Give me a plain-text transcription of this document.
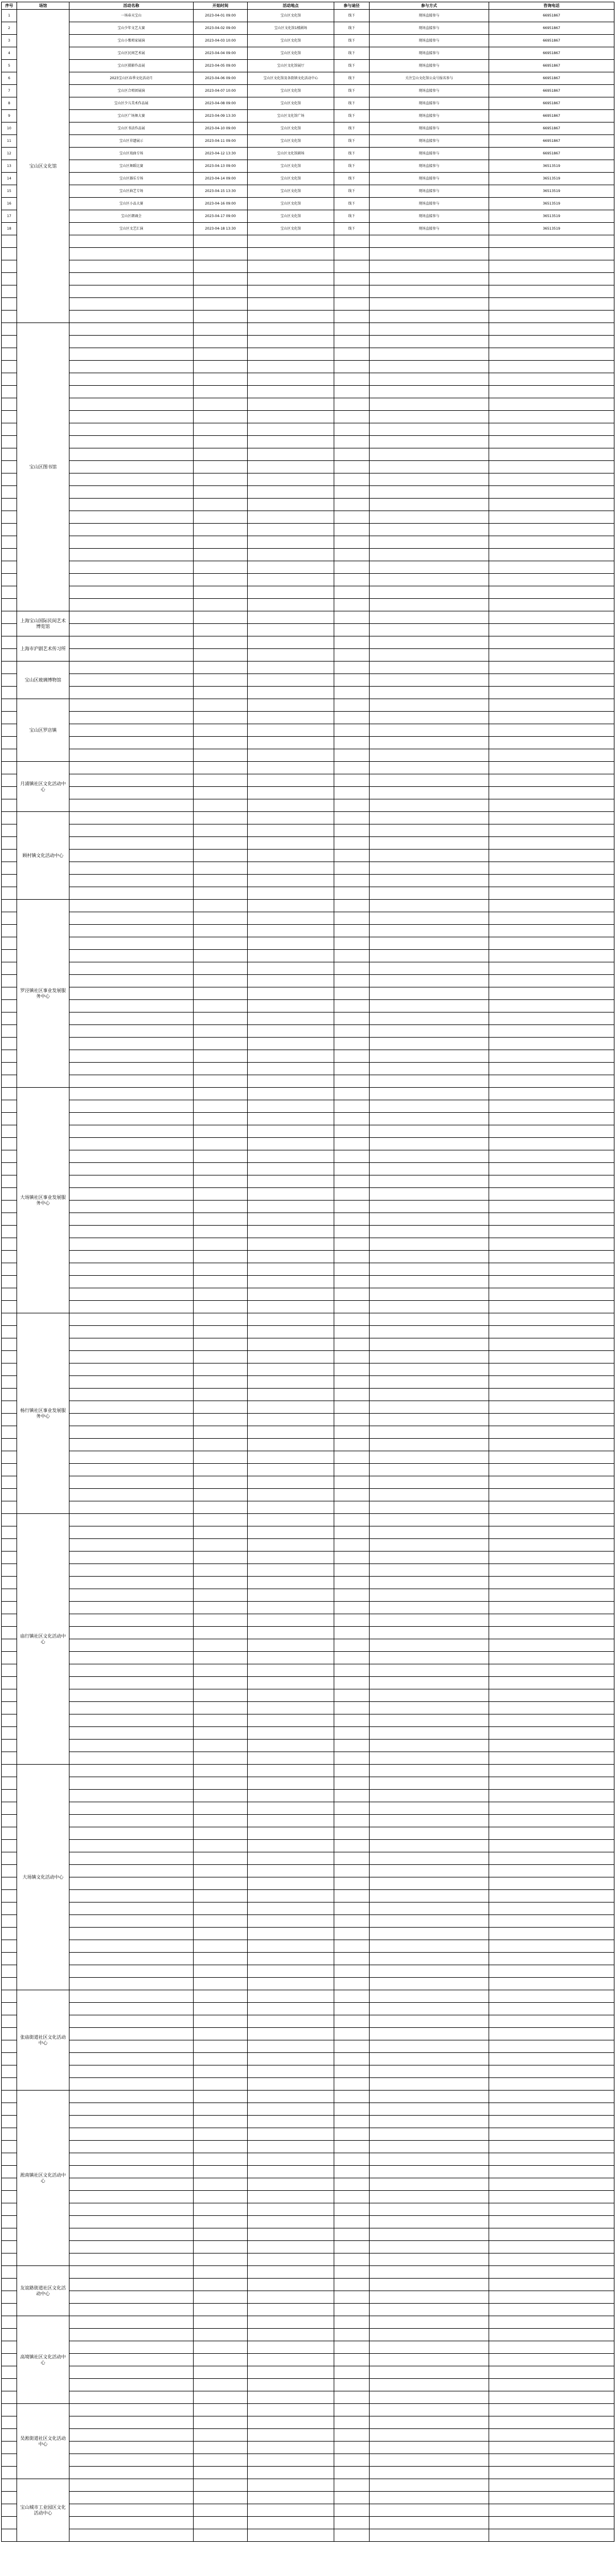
序号	场馆	活动名称	开始时间	活动地点	参与途径	参与方式	咨询电话
1	宝山区文化馆	一场春天宝山	2023-04-01 09:00	宝山区文化馆	线下	现场直接参与	66951867
2		宝山少年文艺大赛	2023-04-02 09:00	宝山区文化馆1楼剧场	线下	现场直接参与	66951867
3		宝山小歌唱家展演	2023-04-03 10:00	宝山区文化馆	线下	现场直接参与	66951867
4		宝山区民间艺术展	2023-04-04 09:00	宝山区文化馆	线下	现场直接参与	66951867
5		宝山区摄影作品展	2023-04-05 09:00	宝山区文化馆展厅	线下	现场直接参与	66951867
6		2023宝山区春季文化活动月	2023-04-06 09:00	宝山区文化馆及各街镇文化活动中心	线下	关注宝山文化馆公众号报名参与	66951867
7		宝山区合唱团展演	2023-04-07 10:00	宝山区文化馆	线下	现场直接参与	66951867
8		宝山区少儿美术作品展	2023-04-08 09:00	宝山区文化馆	线下	现场直接参与	66951867
9		宝山区广场舞大赛	2023-04-09 13:30	宝山区文化馆广场	线下	现场直接参与	66951867
10		宝山区书法作品展	2023-04-10 09:00	宝山区文化馆	线下	现场直接参与	66951867
11		宝山区非遗展示	2023-04-11 09:00	宝山区文化馆	线下	现场直接参与	66951867
12		宝山区戏曲专场	2023-04-12 13:30	宝山区文化馆剧场	线下	现场直接参与	66951867
13		宝山区舞蹈比赛	2023-04-13 09:00	宝山区文化馆	线下	现场直接参与	36513519
14		宝山区器乐专场	2023-04-14 09:00	宝山区文化馆	线下	现场直接参与	36513519
15		宝山区曲艺专场	2023-04-15 13:30	宝山区文化馆	线下	现场直接参与	36513519
16		宝山区小品大赛	2023-04-16 09:00	宝山区文化馆	线下	现场直接参与	36513519
17		宝山区朗诵会	2023-04-17 09:00	宝山区文化馆	线下	现场直接参与	36513519
18		宝山区文艺汇演	2023-04-18 13:30	宝山区文化馆	线下	现场直接参与	36513519

	宝山区图书馆						

	上海宝山国际民间艺术博览馆						

	上海市沪剧艺术传习所						

	宝山区玻璃博物馆						

	宝山区罗店镇						

	月浦镇社区文化活动中心						

	顾村镇文化活动中心						

	罗泾镇社区事业发展服务中心						

	大场镇社区事业发展服务中心						

	杨行镇社区事业发展服务中心						

	庙行镇社区文化活动中心						

	大场镇文化活动中心						

	张庙街道社区文化活动中心						

	淞南镇社区文化活动中心						

	友谊路街道社区文化活动中心						

	高境镇社区文化活动中心						

	吴淞街道社区文化活动中心						

	宝山城市工业园区文化活动中心						
